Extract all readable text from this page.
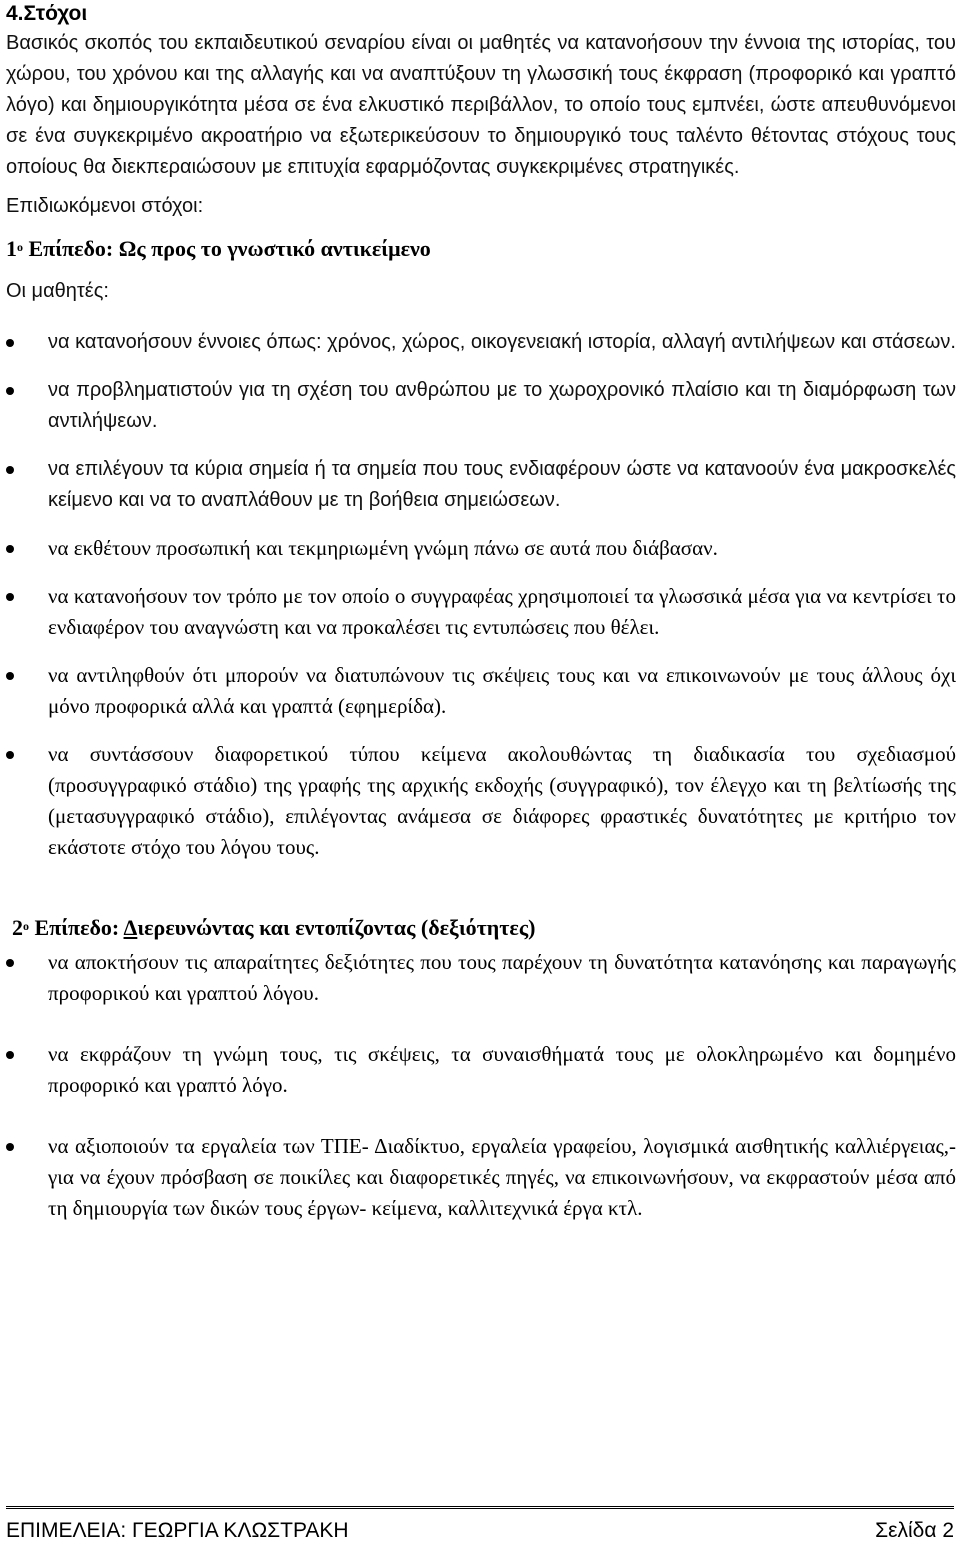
4.Στόχοι

Βασικός σκοπός του εκπαιδευτικού σεναρίου είναι οι μαθητές να κατανοήσουν την έννοια της ιστορίας, του χώρου, του χρόνου και της αλλαγής και να αναπτύξουν τη γλωσσική τους έκφραση (προφορικό και γραπτό λόγο) και δημιουργικότητα μέσα σε ένα ελκυστικό περιβάλλον, το οποίο τους εμπνέει, ώστε απευθυνόμενοι σε ένα συγκεκριμένο ακροατήριο να εξωτερικεύσουν το δημιουργικό τους ταλέντο θέτοντας στόχους τους οποίους θα διεκπεραιώσουν με επιτυχία εφαρμόζοντας συγκεκριμένες στρατηγικές.

Επιδιωκόμενοι στόχοι:
$1^o$ Επίπεδο: Ως προς το γνωστικό αντικείμενο
Οι μαθητές:
να κατανοήσουν έννοιες όπως: χρόνος, χώρος, οικογενειακή ιστορία, αλλαγή αντιλήψεων και στάσεων.
να προβληματιστούν για τη σχέση του ανθρώπου με το χωροχρονικό πλαίσιο και τη διαμόρφωση των αντιλήψεων.
να επιλέγουν τα κύρια σημεία ή τα σημεία που τους ενδιαφέρουν ώστε να κατανοούν ένα μακροσκελές κείμενο και να το αναπλάθουν με τη βοήθεια σημειώσεων.
να εκθέτουν προσωπική και τεκμηριωμένη γνώμη πάνω σε αυτά που διάβασαν.
να κατανοήσουν τον τρόπο με τον οποίο ο συγγραφέας χρησιμοποιεί τα γλωσσικά μέσα για να κεντρίσει το ενδιαφέρον του αναγνώστη και να προκαλέσει τις εντυπώσεις που θέλει.
να αντιληφθούν ότι μπορούν να διατυπώνουν τις σκέψεις τους και να επικοινωνούν με τους άλλους όχι μόνο προφορικά αλλά και γραπτά (εφημερίδα).
να συντάσσουν διαφορετικού τύπου κείμενα ακολουθώντας τη διαδικασία του σχεδιασμού (προσυγγραφικό στάδιο) της γραφής της αρχικής εκδοχής (συγγραφικό), τον έλεγχο και τη βελτίωσής της (μετασυγγραφικό στάδιο), επιλέγοντας ανάμεσα σε διάφορες φραστικές δυνατότητες με κριτήριο τον εκάστοτε στόχο του λόγου τους.
$2^o$ Επίπεδο: Διερευνώντας και εντοπίζοντας (δεξιότητες)
να αποκτήσουν τις απαραίτητες δεξιότητες που τους παρέχουν τη δυνατότητα κατανόησης και παραγωγής προφορικού και γραπτού λόγου.
να εκφράζουν τη γνώμη τους, τις σκέψεις, τα συναισθήματά τους με ολοκληρωμένο και δομημένο προφορικό και γραπτό λόγο.
να αξιοποιούν τα εργαλεία των ΤΠΕ- Διαδίκτυο, εργαλεία γραφείου, λογισμικά αισθητικής καλλιέργειας,- για να έχουν πρόσβαση σε ποικίλες και διαφορετικές πηγές, να επικοινωνήσουν, να εκφραστούν μέσα από τη δημιουργία των δικών τους έργων- κείμενα, καλλιτεχνικά έργα κτλ.
ΕΠΙΜΕΛΕΙΑ: ΓΕΩΡΓΙΑ ΚΛΩΣΤΡΑΚΗ	Σελίδα 2
